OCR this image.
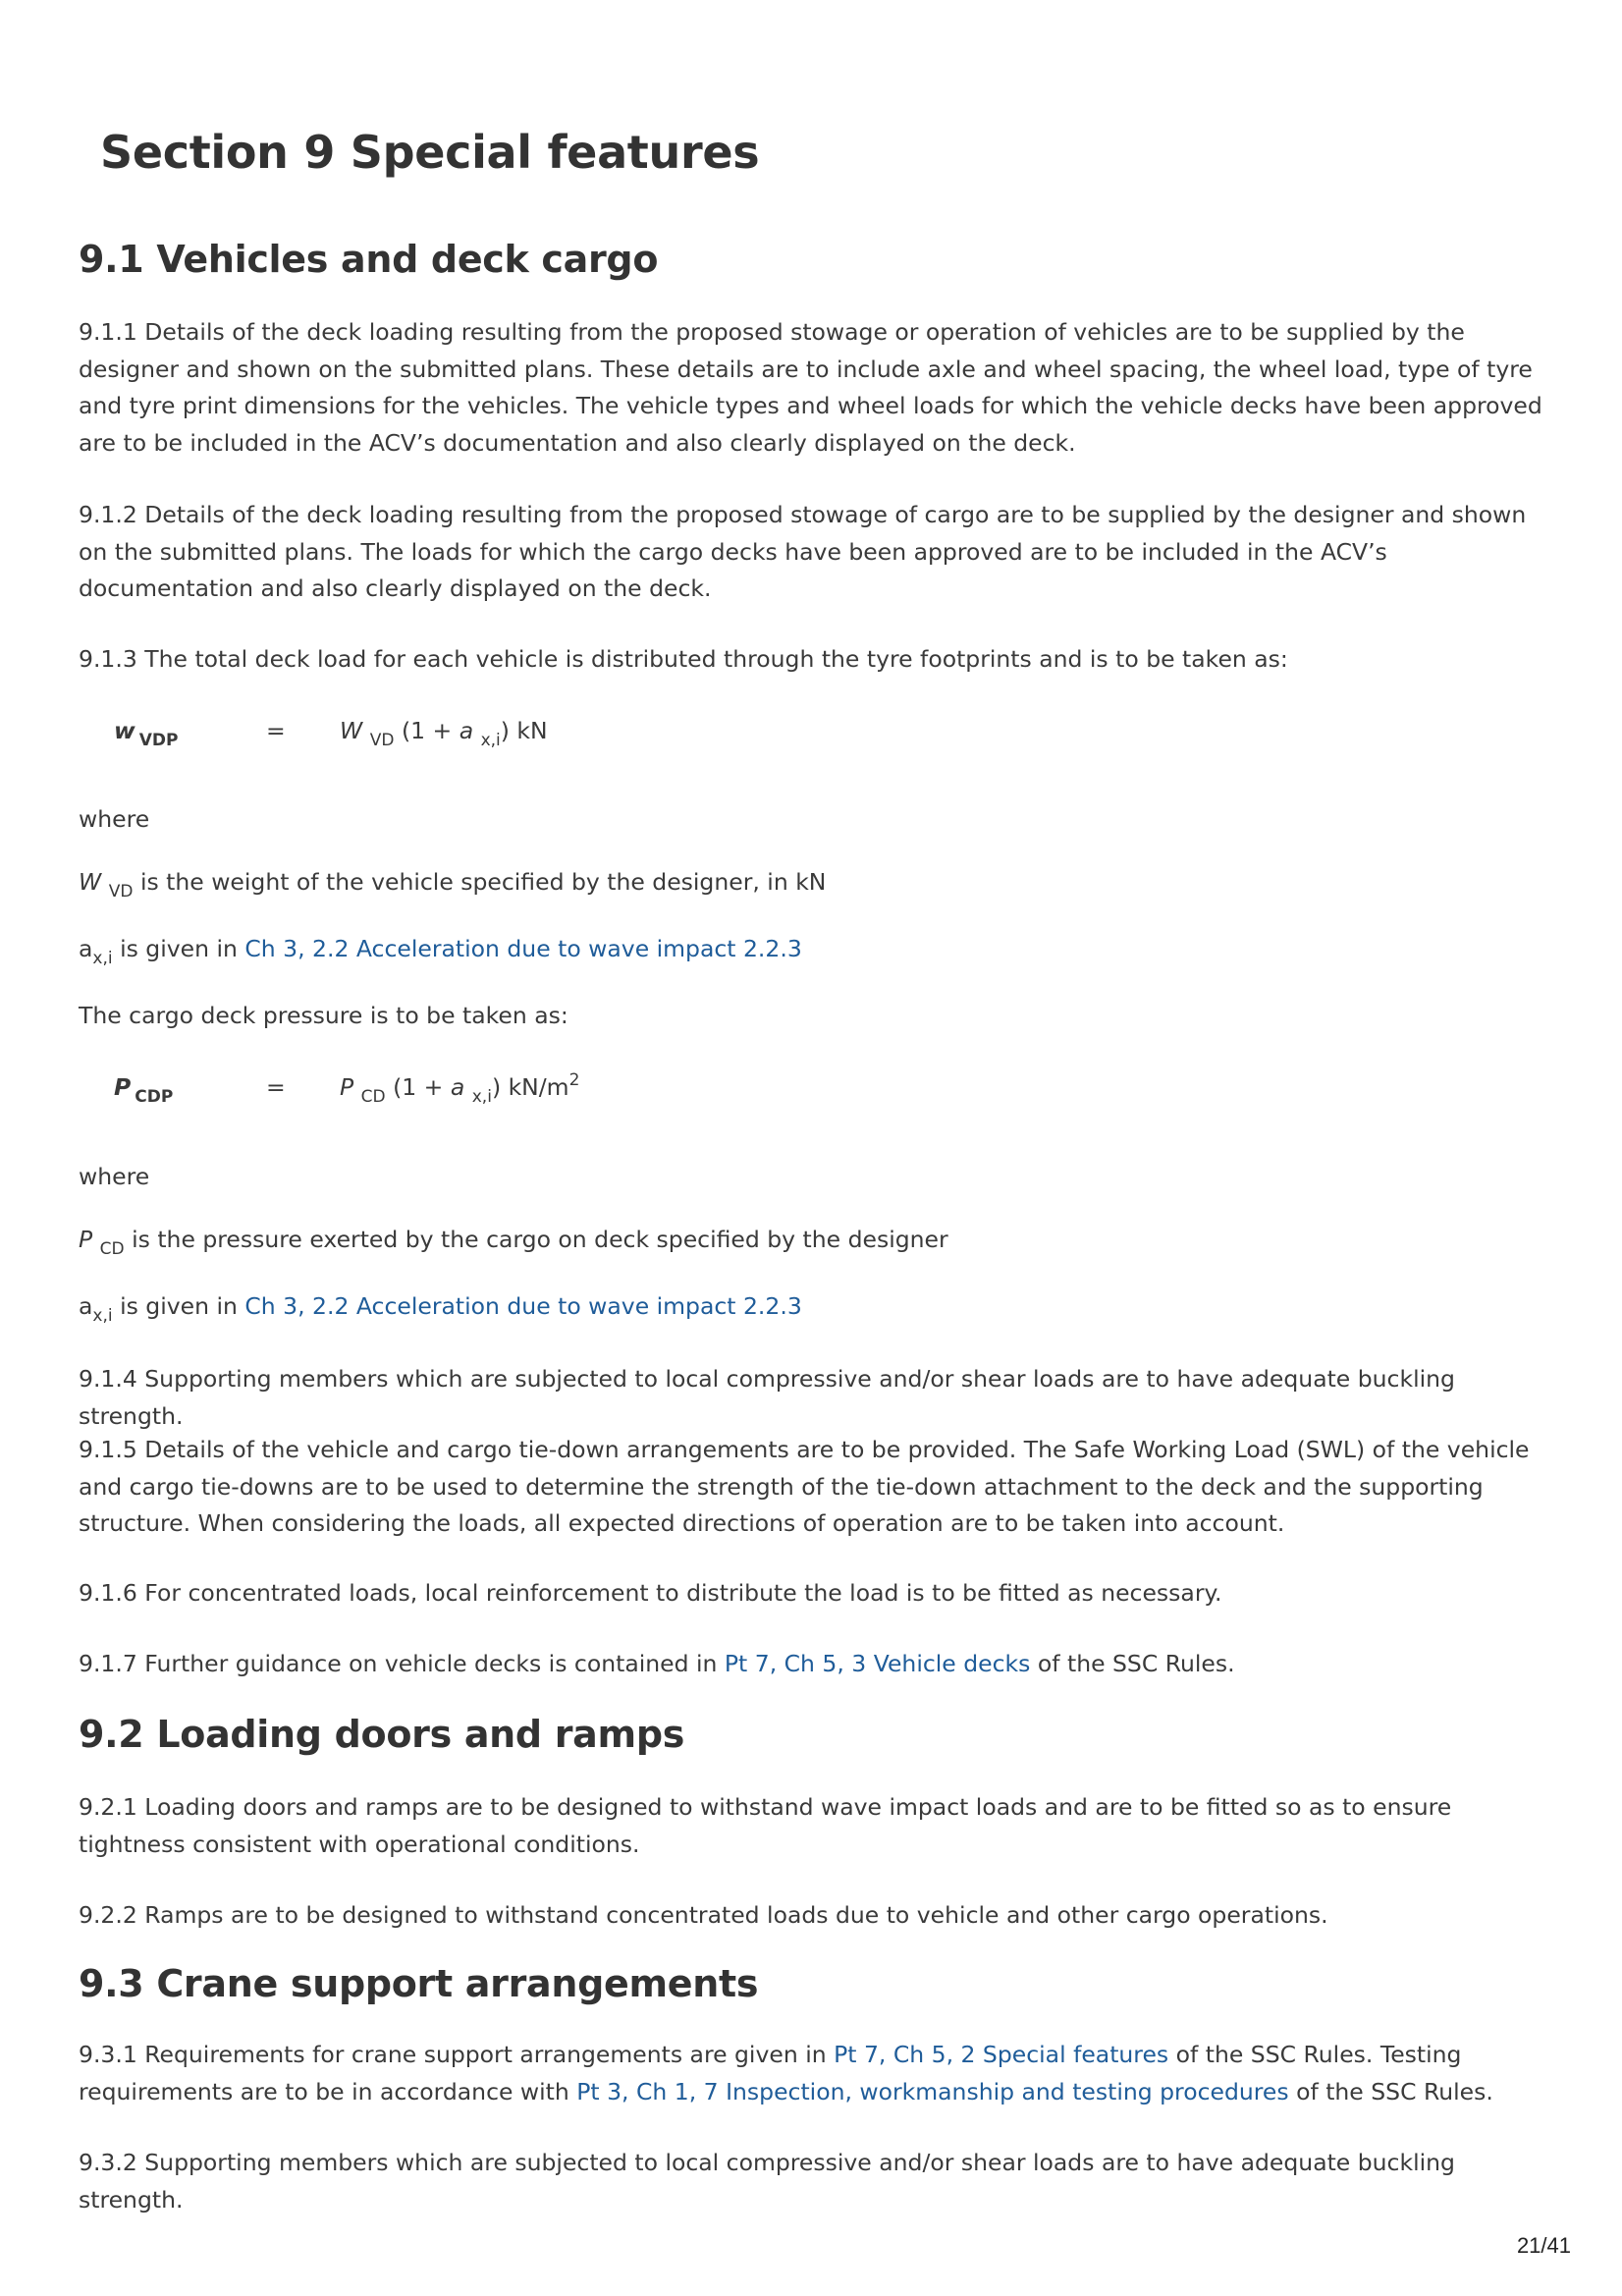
Section 9 Special features
9.1 Vehicles and deck cargo

9.1.1 Details of the deck loading resulting from the proposed stowage or operation of vehicles are to be supplied by the designer and shown on the submitted plans. These details are to include axle and wheel spacing, the wheel load, type of tyre and tyre print dimensions for the vehicles. The vehicle types and wheel loads for which the vehicle decks have been approved are to be included in the ACV’s documentation and also clearly displayed on the deck.

9.1.2 Details of the deck loading resulting from the proposed stowage of cargo are to be supplied by the designer and shown on the submitted plans. The loads for which the cargo decks have been approved are to be included in the ACV’s documentation and also clearly displayed on the deck.

9.1.3 The total deck load for each vehicle is distributed through the tyre footprints and is to be taken as:

w $_{VDP}$	= W $_{VD}$ (1 + a $_{x,i}$) kN

where

W $_{VD}$ is the weight of the vehicle specified by the designer, in kN

$a_{x,i}$ is given in Ch 3, 2.2 Acceleration due to wave impact 2.2.3

The cargo deck pressure is to be taken as:

P $_{CDP}$	= P $_{CD}$ (1 + a $_{x,i}$) $kN/m^2$

where

P $_{CD}$ is the pressure exerted by the cargo on deck specified by the designer

$a_{x,i}$ is given in Ch 3, 2.2 Acceleration due to wave impact 2.2.3

9.1.4 Supporting members which are subjected to local compressive and/or shear loads are to have adequate buckling strength.

9.1.5 Details of the vehicle and cargo tie-down arrangements are to be provided. The Safe Working Load (SWL) of the vehicle and cargo tie-downs are to be used to determine the strength of the tie-down attachment to the deck and the supporting structure. When considering the loads, all expected directions of operation are to be taken into account.

9.1.6 For concentrated loads, local reinforcement to distribute the load is to be fitted as necessary.

9.1.7 Further guidance on vehicle decks is contained in Pt 7, Ch 5, 3 Vehicle decks of the SSC Rules.

9.2 Loading doors and ramps

9.2.1 Loading doors and ramps are to be designed to withstand wave impact loads and are to be fitted so as to ensure tightness consistent with operational conditions.

9.2.2 Ramps are to be designed to withstand concentrated loads due to vehicle and other cargo operations.

9.3 Crane support arrangements

9.3.1 Requirements for crane support arrangements are given in Pt 7, Ch 5, 2 Special features of the SSC Rules. Testing requirements are to be in accordance with Pt 3, Ch 1, 7 Inspection, workmanship and testing procedures of the SSC Rules.

9.3.2 Supporting members which are subjected to local compressive and/or shear loads are to have adequate buckling strength.

21/41
